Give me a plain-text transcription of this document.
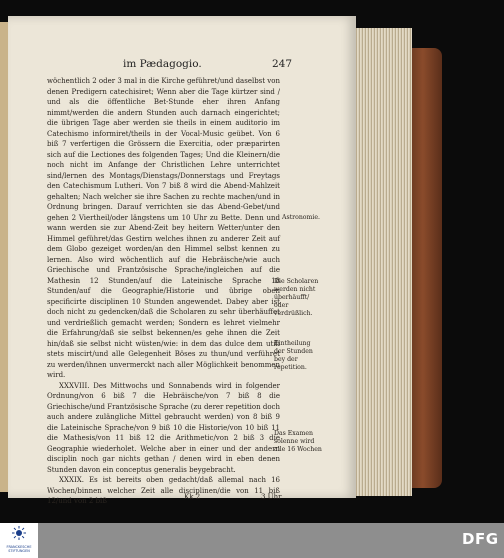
im Pædagogio.	247

wöchentlich 2 oder 3 mal in die Kirche geführet/und daselbst von denen Predigern catechisiret; Wenn aber die Tage kürtzer sind / und als die öffentliche Bet-Stunde eher ihren Anfang nimmt/werden die andern Stunden auch darnach eingerichtet; die übrigen Tage aber werden sie theils in einem auditorio im Catechismo informiret/theils in der Vocal-Music geübet. Von 6 biß 7 verfertigen die Grössern die Exercitia, oder præparirten sich auf die Lectiones des folgenden Tages; Und die Kleinern/die noch nicht im Anfange der Christlichen Lehre unterrichtet sind/lernen des Montags/Dienstags/Donnerstags und Freytags den Catechismum Lutheri. Von 7 biß 8 wird die Abend-Mahlzeit gehalten; Nach welcher sie ihre Sachen zu rechte machen/und in Ordnung bringen. Darauf verrichten sie das Abend-Gebet/und gehen 2 Viertheil/oder längstens um 10 Uhr zu Bette. Denn und wann werden sie zur Abend-Zeit bey heitern Wetter/unter den Himmel geführet/das Gestirn welches ihnen zu anderer Zeit auf dem Globo gezeiget worden/an den Himmel selbst kennen zu lernen. Also wird wöchentlich auf die Hebräische/wie auch Griechische und Frantzösische Sprache/ingleichen auf die Mathesin 12 Stunden/auf die Lateinische Sprache 18 Stunden/auf die Geographie/Historie und übrige oben specificirte disciplinen 10 Stunden angewendet. Dabey aber ist doch nicht zu gedencken/daß die Scholaren zu sehr überhäuffet und verdrießlich gemacht werden; Sondern es lehret vielmehr die Erfahrung/daß sie selbst bekennen/es gehe ihnen die Zeit hin/daß sie selbst nicht wüsten/wie: in dem das dulce dem utili stets miscirt/und alle Gelegenheit Böses zu thun/und verführet zu werden/ihnen unvermerckt nach aller Möglichkeit benommen wird.

XXXVIII. Des Mittwochs und Sonnabends wird in folgender Ordnung/von 6 biß 7 die Hebräische/von 7 biß 8 die Griechische/und Frantzösische Sprache (zu derer repetition doch auch andere zulängliche Mittel gebraucht werden) von 8 biß 9 die Lateinische Sprache/von 9 biß 10 die Historie/von 10 biß 11 die Mathesis/von 11 biß 12 die Arithmetic/von 2 biß 3 die Geographie wiederholet. Welche aber in einer und der andern disciplin noch gar nichts gethan / denen wird in eben denen Stunden davon ein conceptus generalis beygebracht.

XXXIX. Es ist bereits oben gedacht/daß allemal nach 16 Wochen/binnen welcher Zeit alle disciplinen/die von 11 biß 12/und von 2 biß

Astronomie.
Die Scholaren werden nicht überhäufft/ oder verdrüßlich.
Eintheilung der Stunden bey der repetition.
Das Examen solenne wird alle 16 Wochen
Kk 2	3 Uhr
FRANCKESCHE STIFTUNGEN
DFG
